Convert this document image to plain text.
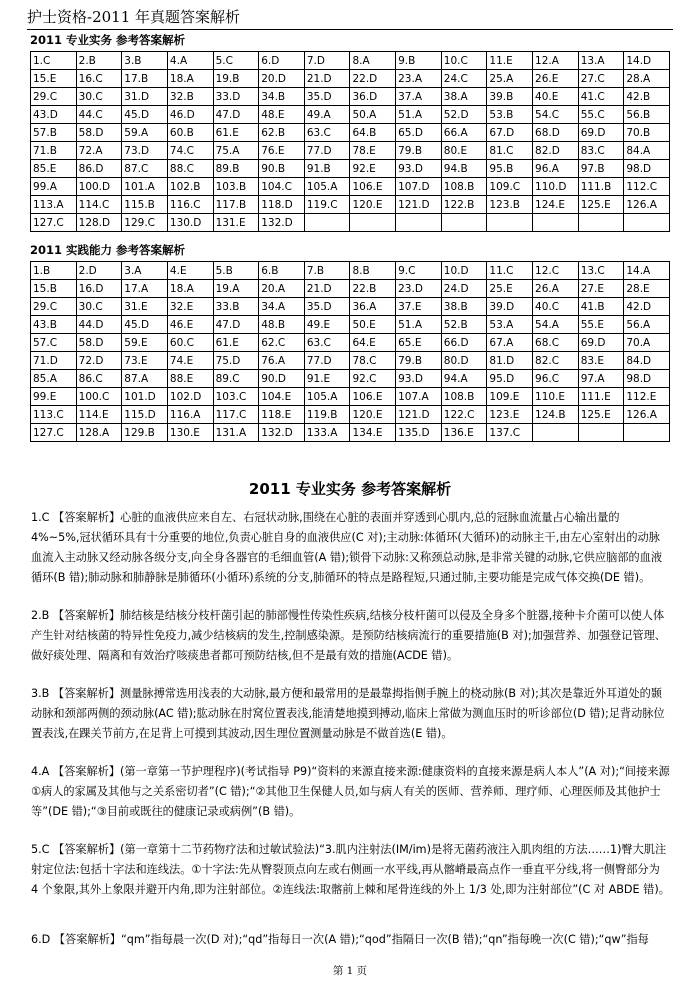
护士资格-2011 年真题答案解析
2011 专业实务 参考答案解析
1.C	2.B	3.B	4.A	5.C	6.D	7.D	8.A	9.B	10.C	11.E	12.A	13.A	14.D
15.E	16.C	17.B	18.A	19.B	20.D	21.D	22.D	23.A	24.C	25.A	26.E	27.C	28.A
29.C	30.C	31.D	32.B	33.D	34.B	35.D	36.D	37.A	38.A	39.B	40.E	41.C	42.B
43.D	44.C	45.D	46.D	47.D	48.E	49.A	50.A	51.A	52.D	53.B	54.C	55.C	56.B
57.B	58.D	59.A	60.B	61.E	62.B	63.C	64.B	65.D	66.A	67.D	68.D	69.D	70.B
71.B	72.A	73.D	74.C	75.A	76.E	77.D	78.E	79.B	80.E	81.C	82.D	83.C	84.A
85.E	86.D	87.C	88.C	89.B	90.B	91.B	92.E	93.D	94.B	95.B	96.A	97.B	98.D
99.A	100.D	101.A	102.B	103.B	104.C	105.A	106.E	107.D	108.B	109.C	110.D	111.B	112.C
113.A	114.C	115.B	116.C	117.B	118.D	119.C	120.E	121.D	122.B	123.B	124.E	125.E	126.A
127.C	128.D	129.C	130.D	131.E	132.D								
2011 实践能力 参考答案解析
1.B	2.D	3.A	4.E	5.B	6.B	7.B	8.B	9.C	10.D	11.C	12.C	13.C	14.A
15.B	16.D	17.A	18.A	19.A	20.A	21.D	22.B	23.D	24.D	25.E	26.A	27.E	28.E
29.C	30.C	31.E	32.E	33.B	34.A	35.D	36.A	37.E	38.B	39.D	40.C	41.B	42.D
43.B	44.D	45.D	46.E	47.D	48.B	49.E	50.E	51.A	52.B	53.A	54.A	55.E	56.A
57.C	58.D	59.E	60.C	61.E	62.C	63.C	64.E	65.E	66.D	67.A	68.C	69.D	70.A
71.D	72.D	73.E	74.E	75.D	76.A	77.D	78.C	79.B	80.D	81.D	82.C	83.E	84.D
85.A	86.C	87.A	88.E	89.C	90.D	91.E	92.C	93.D	94.A	95.D	96.C	97.A	98.D
99.E	100.C	101.D	102.D	103.C	104.E	105.A	106.E	107.A	108.B	109.E	110.E	111.E	112.E
113.C	114.E	115.D	116.A	117.C	118.E	119.B	120.E	121.D	122.C	123.E	124.B	125.E	126.A
127.C	128.A	129.B	130.E	131.A	132.D	133.A	134.E	135.D	136.E	137.C			
2011 专业实务 参考答案解析
1.C 【答案解析】心脏的血液供应来自左、右冠状动脉,围绕在心脏的表面并穿透到心肌内,总的冠脉血流量占心输出量的 4%~5%,冠状循环具有十分重要的地位,负责心脏自身的血液供应(C 对);主动脉:体循环(大循环)的动脉主干,由左心室射出的动脉血流入主动脉又经动脉各级分支,向全身各器官的毛细血管(A 错);锁骨下动脉:又称颈总动脉,是非常关键的动脉,它供应脑部的血液循环(B 错);肺动脉和肺静脉是肺循环(小循环)系统的分支,肺循环的特点是路程短,只通过肺,主要功能是完成气体交换(DE 错)。
2.B 【答案解析】肺结核是结核分枝杆菌引起的肺部慢性传染性疾病,结核分枝杆菌可以侵及全身多个脏器,接种卡介菌可以使人体产生针对结核菌的特异性免疫力,减少结核病的发生,控制感染源。是预防结核病流行的重要措施(B 对);加强营养、加强登记管理、做好痰处理、隔离和有效治疗咳痰患者都可预防结核,但不是最有效的措施(ACDE 错)。
3.B 【答案解析】测量脉搏常选用浅表的大动脉,最方便和最常用的是最靠拇指侧手腕上的桡动脉(B 对);其次是靠近外耳道处的颞动脉和颈部两侧的颈动脉(AC 错);肱动脉在肘窝位置表浅,能清楚地摸到搏动,临床上常做为测血压时的听诊部位(D 错);足背动脉位置表浅,在踝关节前方,在足背上可摸到其波动,因生理位置测量动脉是不做首选(E 错)。
4.A 【答案解析】(第一章第一节护理程序)(考试指导 P9)“资料的来源直接来源:健康资料的直接来源是病人本人”(A 对);“间接来源①病人的家属及其他与之关系密切者”(C 错);“②其他卫生保健人员,如与病人有关的医师、营养师、理疗师、心理医师及其他护士等”(DE 错);“③目前或既往的健康记录或病例”(B 错)。
5.C 【答案解析】(第一章第十二节药物疗法和过敏试验法)“3.肌内注射法(IM/im)是将无菌药液注入肌肉组的方法……1)臀大肌注射定位法:包括十字法和连线法。①十字法:先从臀裂顶点向左或右侧画一水平线,再从髂嵴最高点作一垂直平分线,将一侧臀部分为 4 个象限,其外上象限并避开内角,即为注射部位。②连线法:取髂前上棘和尾骨连线的外上 1/3 处,即为注射部位”(C 对 ABDE 错)。
6.D 【答案解析】“qm”指每晨一次(D 对);“qd”指每日一次(A 错);“qod”指隔日一次(B 错);“qn”指每晚一次(C 错);“qw”指每
第 1 页
